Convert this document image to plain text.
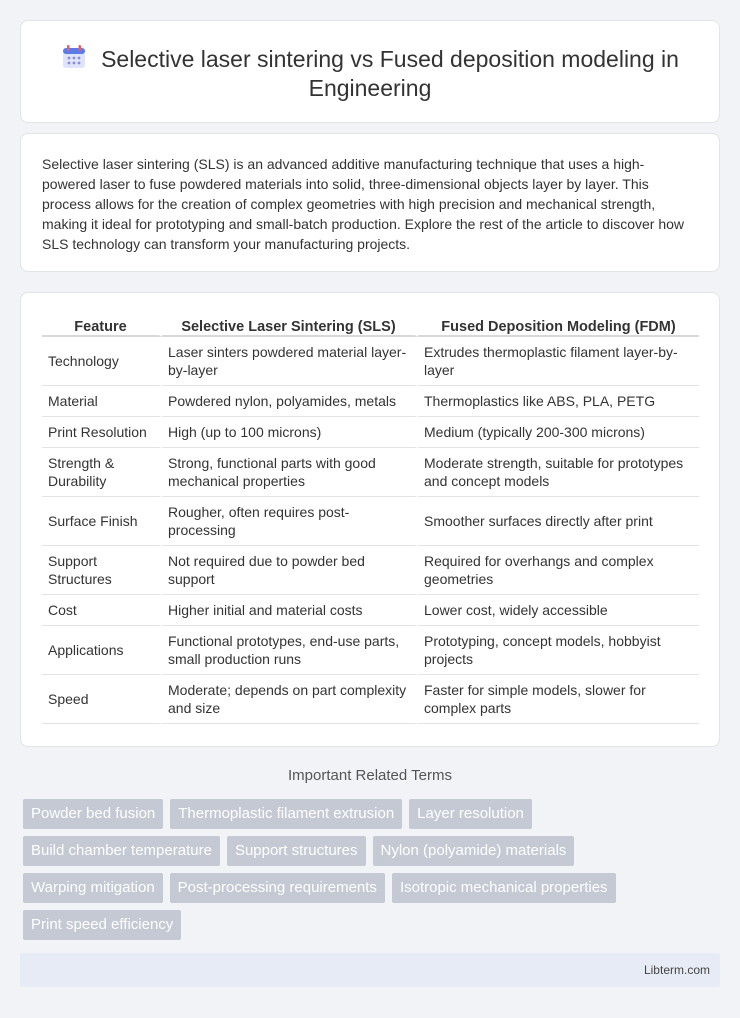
Selective laser sintering vs Fused deposition modeling in Engineering

Selective laser sintering (SLS) is an advanced additive manufacturing technique that uses a high-powered laser to fuse powdered materials into solid, three-dimensional objects layer by layer. This process allows for the creation of complex geometries with high precision and mechanical strength, making it ideal for prototyping and small-batch production. Explore the rest of the article to discover how SLS technology can transform your manufacturing projects.

Feature	Selective Laser Sintering (SLS)	Fused Deposition Modeling (FDM)
Technology	Laser sinters powdered material layer-by-layer	Extrudes thermoplastic filament layer-by-layer
Material	Powdered nylon, polyamides, metals	Thermoplastics like ABS, PLA, PETG
Print Resolution	High (up to 100 microns)	Medium (typically 200-300 microns)
Strength & Durability	Strong, functional parts with good mechanical properties	Moderate strength, suitable for prototypes and concept models
Surface Finish	Rougher, often requires post-processing	Smoother surfaces directly after print
Support Structures	Not required due to powder bed support	Required for overhangs and complex geometries
Cost	Higher initial and material costs	Lower cost, widely accessible
Applications	Functional prototypes, end-use parts, small production runs	Prototyping, concept models, hobbyist projects
Speed	Moderate; depends on part complexity and size	Faster for simple models, slower for complex parts
Important Related Terms
Powder bed fusion	Thermoplastic filament extrusion	Layer resolution
Build chamber temperature	Support structures	Nylon (polyamide) materials
Warping mitigation	Post-processing requirements	Isotropic mechanical properties
Print speed efficiency
Libterm.com
